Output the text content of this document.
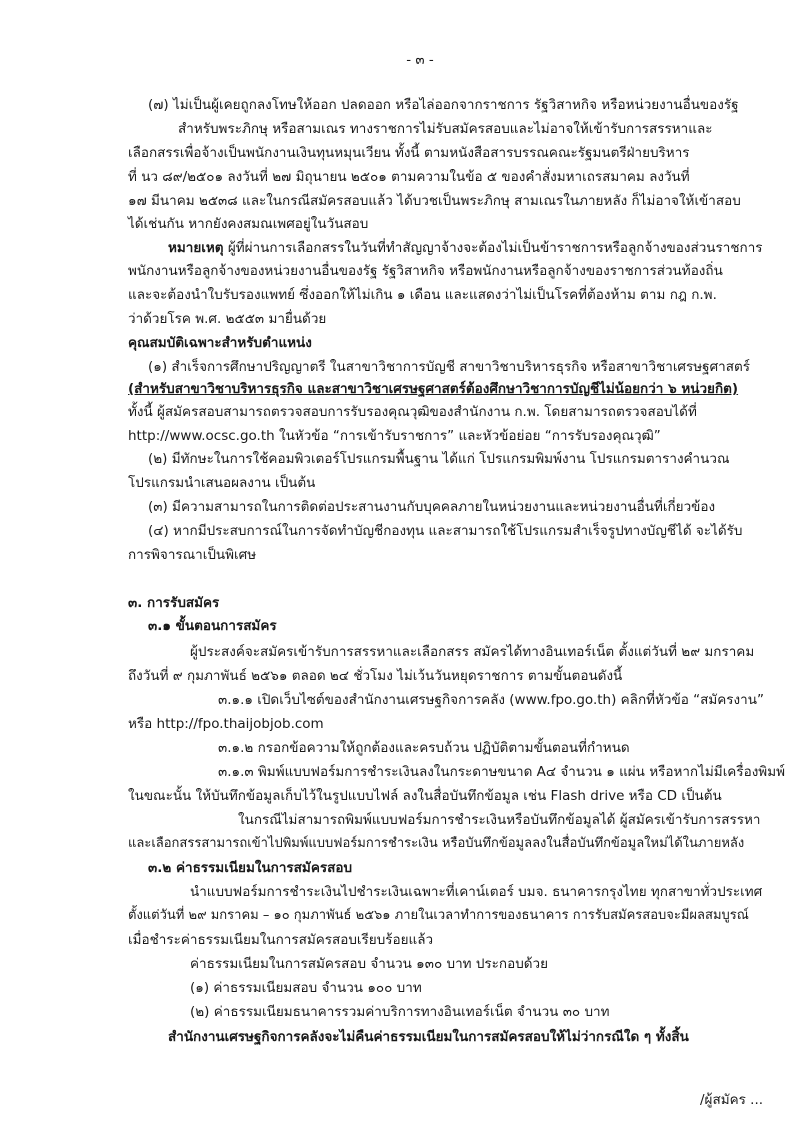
- ๓ -
(๗) ไม่เป็นผู้เคยถูกลงโทษให้ออก ปลดออก หรือไล่ออกจากราชการ รัฐวิสาหกิจ หรือหน่วยงานอื่นของรัฐ
สำหรับพระภิกษุ หรือสามเณร ทางราชการไม่รับสมัครสอบและไม่อาจให้เข้ารับการสรรหาและ
เลือกสรรเพื่อจ้างเป็นพนักงานเงินทุนหมุนเวียน ทั้งนี้ ตามหนังสือสารบรรณคณะรัฐมนตรีฝ่ายบริหาร
ที่ นว ๘๙/๒๕๐๑ ลงวันที่ ๒๗ มิถุนายน ๒๕๐๑ ตามความในข้อ ๕ ของคำสั่งมหาเถรสมาคม ลงวันที่
๑๗ มีนาคม ๒๕๓๘ และในกรณีสมัครสอบแล้ว ได้บวชเป็นพระภิกษุ สามเณรในภายหลัง ก็ไม่อาจให้เข้าสอบ
ได้เช่นกัน หากยังคงสมณเพศอยู่ในวันสอบ
หมายเหตุ ผู้ที่ผ่านการเลือกสรรในวันที่ทำสัญญาจ้างจะต้องไม่เป็นข้าราชการหรือลูกจ้างของส่วนราชการ
พนักงานหรือลูกจ้างของหน่วยงานอื่นของรัฐ รัฐวิสาหกิจ หรือพนักงานหรือลูกจ้างของราชการส่วนท้องถิ่น
และจะต้องนำใบรับรองแพทย์ ซึ่งออกให้ไม่เกิน ๑ เดือน และแสดงว่าไม่เป็นโรคที่ต้องห้าม ตาม กฎ ก.พ.
ว่าด้วยโรค พ.ศ. ๒๕๕๓ มายื่นด้วย
คุณสมบัติเฉพาะสำหรับตำแหน่ง
(๑) สำเร็จการศึกษาปริญญาตรี ในสาขาวิชาการบัญชี สาขาวิชาบริหารธุรกิจ หรือสาขาวิชาเศรษฐศาสตร์
(สำหรับสาขาวิชาบริหารธุรกิจ และสาขาวิชาเศรษฐศาสตร์ต้องศึกษาวิชาการบัญชีไม่น้อยกว่า ๖ หน่วยกิต)
ทั้งนี้ ผู้สมัครสอบสามารถตรวจสอบการรับรองคุณวุฒิของสำนักงาน ก.พ. โดยสามารถตรวจสอบได้ที่
http://www.ocsc.go.th ในหัวข้อ “การเข้ารับราชการ” และหัวข้อย่อย “การรับรองคุณวุฒิ”
(๒) มีทักษะในการใช้คอมพิวเตอร์โปรแกรมพื้นฐาน ได้แก่ โปรแกรมพิมพ์งาน โปรแกรมตารางคำนวณ
โปรแกรมนำเสนอผลงาน เป็นต้น
(๓) มีความสามารถในการติดต่อประสานงานกับบุคคลภายในหน่วยงานและหน่วยงานอื่นที่เกี่ยวข้อง
(๔) หากมีประสบการณ์ในการจัดทำบัญชีกองทุน และสามารถใช้โปรแกรมสำเร็จรูปทางบัญชีได้ จะได้รับ
การพิจารณาเป็นพิเศษ
๓. การรับสมัคร
๓.๑ ขั้นตอนการสมัคร
ผู้ประสงค์จะสมัครเข้ารับการสรรหาและเลือกสรร สมัครได้ทางอินเทอร์เน็ต ตั้งแต่วันที่ ๒๙ มกราคม
ถึงวันที่ ๙ กุมภาพันธ์ ๒๕๖๑ ตลอด ๒๔ ชั่วโมง ไม่เว้นวันหยุดราชการ ตามขั้นตอนดังนี้
๓.๑.๑ เปิดเว็บไซต์ของสำนักงานเศรษฐกิจการคลัง (www.fpo.go.th) คลิกที่หัวข้อ “สมัครงาน”
หรือ http://fpo.thaijobjob.com
๓.๑.๒ กรอกข้อความให้ถูกต้องและครบถ้วน ปฏิบัติตามขั้นตอนที่กำหนด
๓.๑.๓ พิมพ์แบบฟอร์มการชำระเงินลงในกระดาษขนาด A๔ จำนวน ๑ แผ่น หรือหากไม่มีเครื่องพิมพ์
ในขณะนั้น ให้บันทึกข้อมูลเก็บไว้ในรูปแบบไฟล์ ลงในสื่อบันทึกข้อมูล เช่น Flash drive หรือ CD เป็นต้น
ในกรณีไม่สามารถพิมพ์แบบฟอร์มการชำระเงินหรือบันทึกข้อมูลได้ ผู้สมัครเข้ารับการสรรหา
และเลือกสรรสามารถเข้าไปพิมพ์แบบฟอร์มการชำระเงิน หรือบันทึกข้อมูลลงในสื่อบันทึกข้อมูลใหม่ได้ในภายหลัง
๓.๒ ค่าธรรมเนียมในการสมัครสอบ
นำแบบฟอร์มการชำระเงินไปชำระเงินเฉพาะที่เคาน์เตอร์ บมจ. ธนาคารกรุงไทย ทุกสาขาทั่วประเทศ
ตั้งแต่วันที่ ๒๙ มกราคม – ๑๐ กุมภาพันธ์ ๒๕๖๑ ภายในเวลาทำการของธนาคาร การรับสมัครสอบจะมีผลสมบูรณ์
เมื่อชำระค่าธรรมเนียมในการสมัครสอบเรียบร้อยแล้ว
ค่าธรรมเนียมในการสมัครสอบ จำนวน ๑๓๐ บาท ประกอบด้วย
(๑) ค่าธรรมเนียมสอบ จำนวน ๑๐๐ บาท
(๒) ค่าธรรมเนียมธนาคารรวมค่าบริการทางอินเทอร์เน็ต จำนวน ๓๐ บาท
สำนักงานเศรษฐกิจการคลังจะไม่คืนค่าธรรมเนียมในการสมัครสอบให้ไม่ว่ากรณีใด ๆ ทั้งสิ้น
/ผู้สมัคร ...
